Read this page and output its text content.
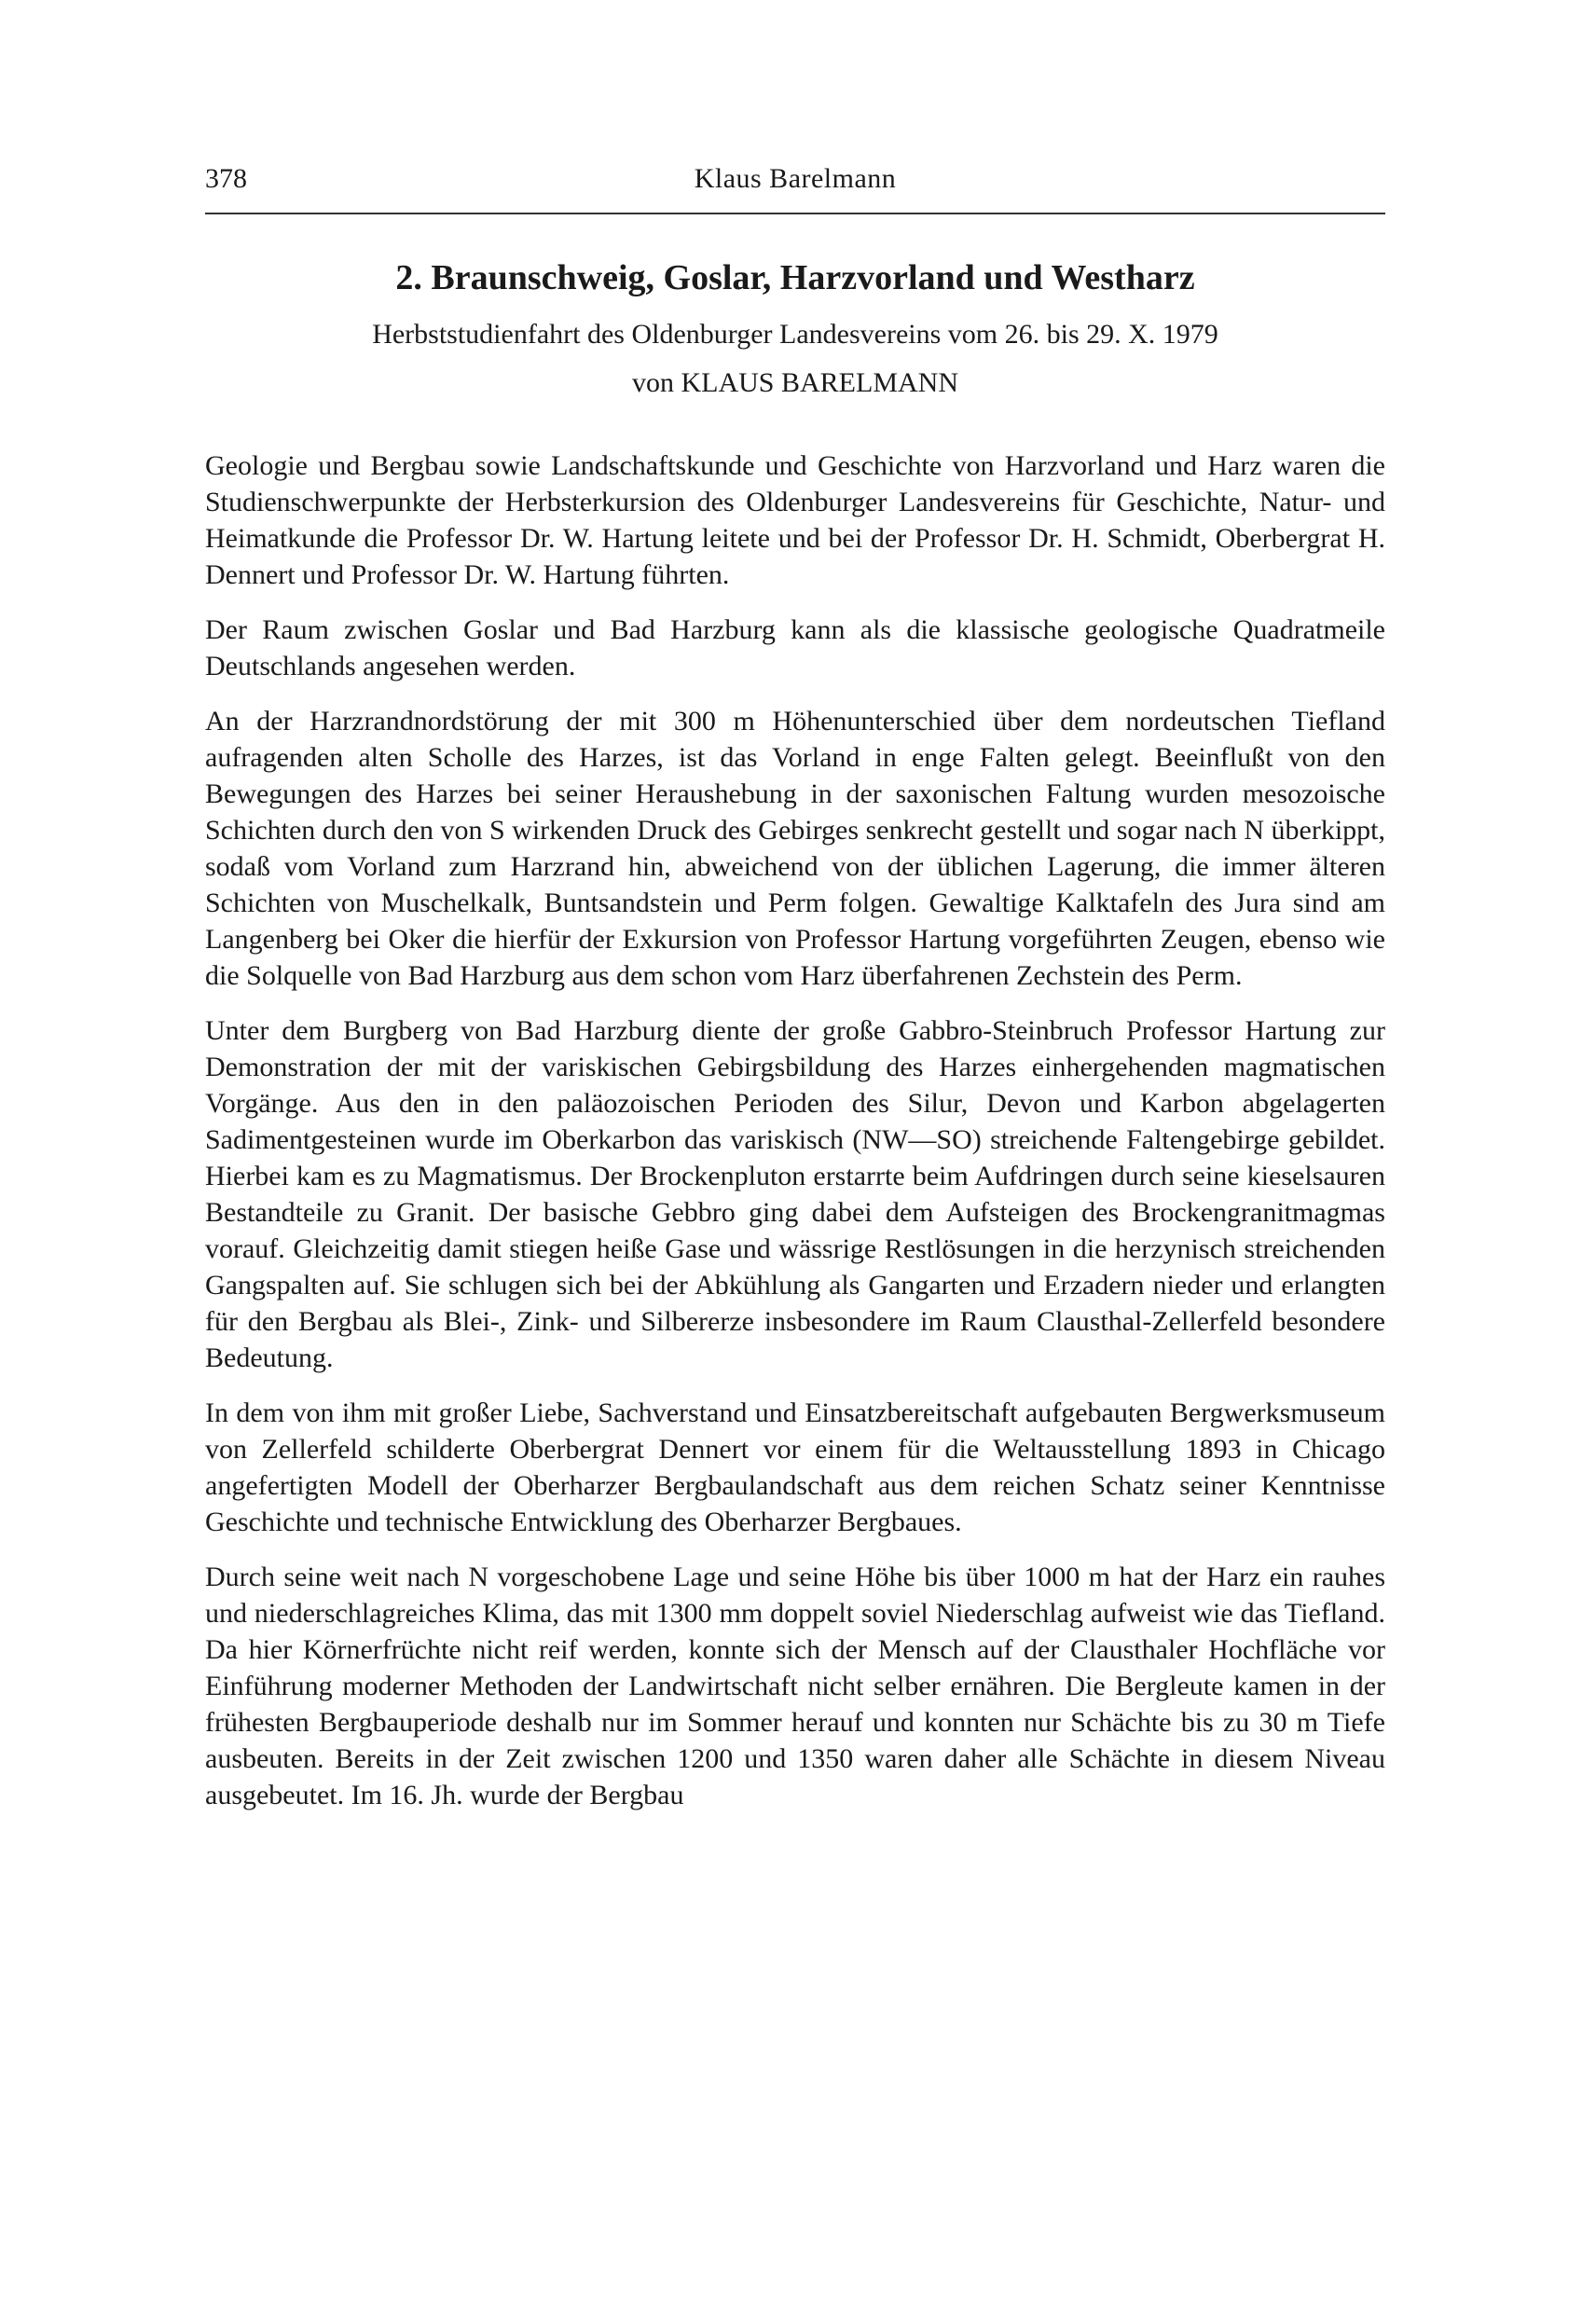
378	Klaus Barelmann
2. Braunschweig, Goslar, Harzvorland und Westharz
Herbststudienfahrt des Oldenburger Landesvereins vom 26. bis 29. X. 1979
von KLAUS BARELMANN

Geologie und Bergbau sowie Landschaftskunde und Geschichte von Harzvorland und Harz waren die Studienschwerpunkte der Herbsterkursion des Oldenburger Landesvereins für Geschichte, Natur- und Heimatkunde die Professor Dr. W. Hartung leitete und bei der Professor Dr. H. Schmidt, Oberbergrat H. Dennert und Professor Dr. W. Hartung führten.

Der Raum zwischen Goslar und Bad Harzburg kann als die klassische geologische Quadratmeile Deutschlands angesehen werden.

An der Harzrandnordstörung der mit 300 m Höhenunterschied über dem nordeutschen Tiefland aufragenden alten Scholle des Harzes, ist das Vorland in enge Falten gelegt. Beeinflußt von den Bewegungen des Harzes bei seiner Heraushebung in der saxonischen Faltung wurden mesozoische Schichten durch den von S wirkenden Druck des Gebirges senkrecht gestellt und sogar nach N überkippt, sodaß vom Vorland zum Harzrand hin, abweichend von der üblichen Lagerung, die immer älteren Schichten von Muschelkalk, Buntsandstein und Perm folgen. Gewaltige Kalktafeln des Jura sind am Langenberg bei Oker die hierfür der Exkursion von Professor Hartung vorgeführten Zeugen, ebenso wie die Solquelle von Bad Harzburg aus dem schon vom Harz überfahrenen Zechstein des Perm.

Unter dem Burgberg von Bad Harzburg diente der große Gabbro-Steinbruch Professor Hartung zur Demonstration der mit der variskischen Gebirgsbildung des Harzes einhergehenden magmatischen Vorgänge. Aus den in den paläozoischen Perioden des Silur, Devon und Karbon abgelagerten Sadimentgesteinen wurde im Oberkarbon das variskisch (NW—SO) streichende Faltengebirge gebildet. Hierbei kam es zu Magmatismus. Der Brockenpluton erstarrte beim Aufdringen durch seine kieselsauren Bestandteile zu Granit. Der basische Gebbro ging dabei dem Aufsteigen des Brockengranitmagmas vorauf. Gleichzeitig damit stiegen heiße Gase und wässrige Restlösungen in die herzynisch streichenden Gangspalten auf. Sie schlugen sich bei der Abkühlung als Gangarten und Erzadern nieder und erlangten für den Bergbau als Blei-, Zink- und Silbererze insbesondere im Raum Clausthal-Zellerfeld besondere Bedeutung.

In dem von ihm mit großer Liebe, Sachverstand und Einsatzbereitschaft aufgebauten Bergwerksmuseum von Zellerfeld schilderte Oberbergrat Dennert vor einem für die Weltausstellung 1893 in Chicago angefertigten Modell der Oberharzer Bergbaulandschaft aus dem reichen Schatz seiner Kenntnisse Geschichte und technische Entwicklung des Oberharzer Bergbaues.

Durch seine weit nach N vorgeschobene Lage und seine Höhe bis über 1000 m hat der Harz ein rauhes und niederschlagreiches Klima, das mit 1300 mm doppelt soviel Niederschlag aufweist wie das Tiefland. Da hier Körnerfrüchte nicht reif werden, konnte sich der Mensch auf der Clausthaler Hochfläche vor Einführung moderner Methoden der Landwirtschaft nicht selber ernähren. Die Bergleute kamen in der frühesten Bergbauperiode deshalb nur im Sommer herauf und konnten nur Schächte bis zu 30 m Tiefe ausbeuten. Bereits in der Zeit zwischen 1200 und 1350 waren daher alle Schächte in diesem Niveau ausgebeutet. Im 16. Jh. wurde der Bergbau
